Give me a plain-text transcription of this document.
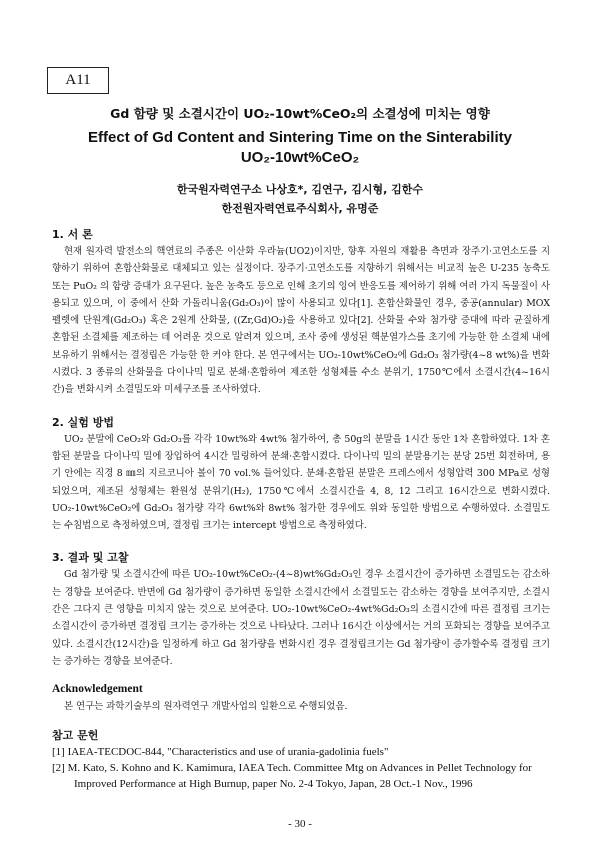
A11
Gd 함량 및 소결시간이 UO₂-10wt%CeO₂의 소결성에 미치는 영향
Effect of Gd Content and Sintering Time on the Sinterability
UO₂-10wt%CeO₂
한국원자력연구소 나상호*, 김연구, 김시형, 김한수
한전원자력연료주식회사, 유명준

1. 서 론

현재 원자력 발전소의 핵연료의 주종은 이산화 우라늄(UO2)이지만, 향후 자원의 재활용 측면과 장주기·고연소도를 지향하기 위하여 혼합산화물로 대체되고 있는 실정이다. 장주기·고연소도를 지향하기 위해서는 비교적 높은 U-235 농축도 또는 PuO₂ 의 함량 증대가 요구된다. 높은 농축도 등으로 인해 초기의 잉여 반응도를 제어하기 위해 여러 가지 독물질이 사용되고 있으며, 이 중에서 산화 가돌리니움(Gd₂O₃)이 많이 사용되고 있다[1]. 혼합산화물인 경우, 중공(annular) MOX 펠렛에 단원계(Gd₂O₃) 혹은 2원계 산화물, ((Zr,Gd)O₂)을 사용하고 있다[2]. 산화물 수와 첨가량 증대에 따라 균질하게 혼합된 소결체를 제조하는 데 어려운 것으로 알려져 있으며, 조사 중에 생성된 핵분열가스를 초기에 가능한 한 소결체 내에 보유하기 위해서는 결정립은 가능한 한 커야 한다. 본 연구에서는 UO₂-10wt%CeO₂에 Gd₂O₃ 첨가량(4~8 wt%)을 변화시켰다. 3 종류의 산화물을 다이나믹 밀로 분쇄·혼합하여 제조한 성형체를 수소 분위기, 1750℃에서 소결시간(4~16시간)을 변화시켜 소결밀도와 미세구조를 조사하였다.

2. 실험 방법

UO₂ 분말에 CeO₂와 Gd₂O₃를 각각 10wt%와 4wt% 첨가하여, 총 50g의 분말을 1시간 동안 1차 혼합하였다. 1차 혼합된 분말을 다이나믹 밀에 장입하여 4시간 밀링하여 분쇄·혼합시켰다. 다이나믹 밀의 분말용기는 분당 25번 회전하며, 용기 안에는 직경 8 ㎜의 지르코니아 볼이 70 vol.% 들어있다. 분쇄·혼합된 분말은 프레스에서 성형압력 300 MPa로 성형되었으며, 제조된 성형체는 환원성 분위기(H₂), 1750℃에서 소결시간을 4, 8, 12 그리고 16시간으로 변화시켰다. UO₂-10wt%CeO₂에 Gd₂O₃ 첨가량 각각 6wt%와 8wt% 첨가한 경우에도 위와 동일한 방법으로 수행하였다. 소결밀도는 수침법으로 측정하였으며, 결정립 크기는 intercept 방법으로 측정하였다.

3. 결과 및 고찰

Gd 첨가량 및 소결시간에 따른 UO₂-10wt%CeO₂-(4~8)wt%Gd₂O₃인 경우 소결시간이 증가하면 소결밀도는 감소하는 경향을 보여준다. 반면에 Gd 첨가량이 증가하면 동일한 소결시간에서 소결밀도는 감소하는 경향을 보여주지만, 소결시간은 그다지 큰 영향을 미치지 않는 것으로 보여준다. UO₂-10wt%CeO₂-4wt%Gd₂O₃의 소결시간에 따른 결정립 크기는 소결시간이 증가하면 결정립 크기는 증가하는 것으로 나타났다. 그러나 16시간 이상에서는 거의 포화되는 경향을 보여주고 있다. 소결시간(12시간)을 일정하게 하고 Gd 첨가량을 변화시킨 경우 결정립크기는 Gd 첨가량이 증가할수록 결정립 크기는 증가하는 경향을 보여준다.

Acknowledgement

본 연구는 과학기술부의 원자력연구 개발사업의 일환으로 수행되었음.

참고 문헌

[1] IAEA-TECDOC-844, "Characteristics and use of urania-gadolinia fuels"

[2] M. Kato, S. Kohno and K. Kamimura, IAEA Tech. Committee Mtg on Advances in Pellet Technology for Improved Performance at High Burnup, paper No. 2-4 Tokyo, Japan, 28 Oct.-1 Nov., 1996

- 30 -
